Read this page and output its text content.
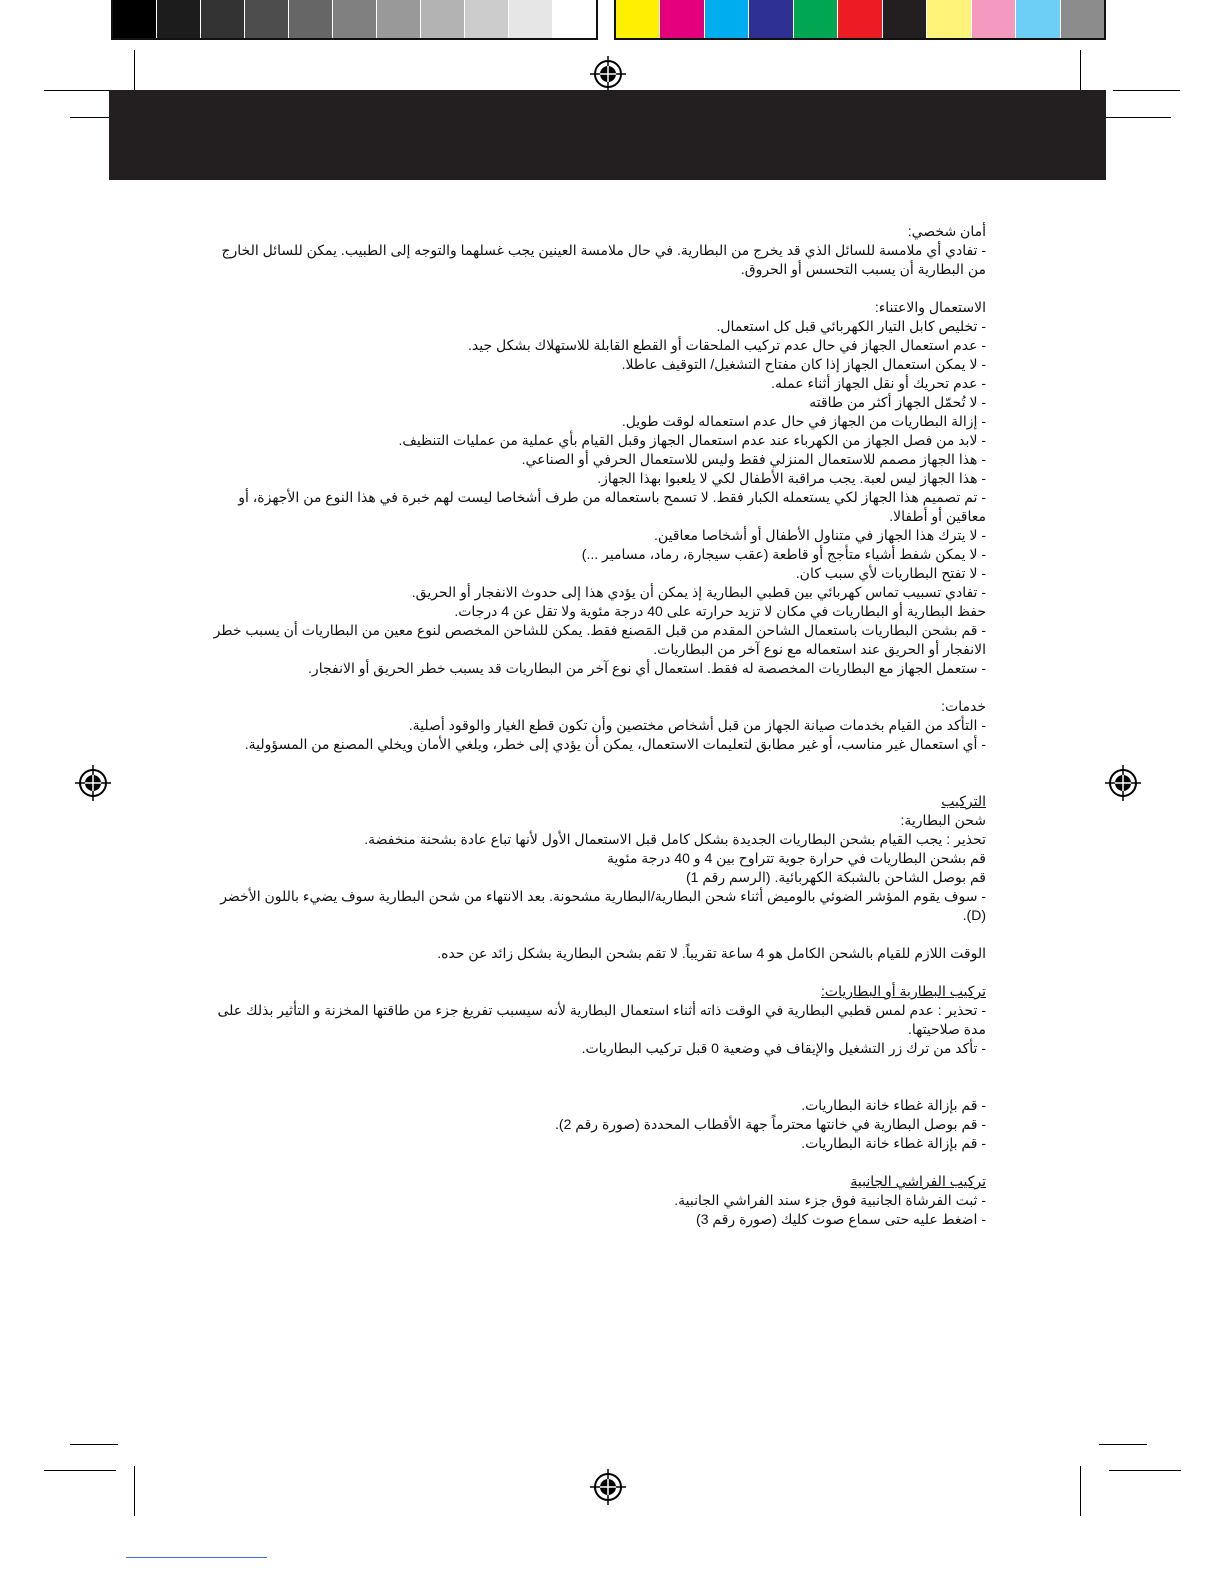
أمان شخصي:
- تفادي أي ملامسة للسائل الذي قد يخرج من البطارية. في حال ملامسة العينين يجب غسلهما والتوجه إلى الطبيب. يمكن للسائل الخارج من البطارية أن يسبب التحسس أو الحروق.
الاستعمال والاعتناء:
- تخليص كابل التيار الكهربائي قبل كل استعمال.
- عدم استعمال الجهاز في حال عدم تركيب الملحقات أو القطع القابلة للاستهلاك بشكل جيد.
- لا يمكن استعمال الجهاز إذا كان مفتاح التشغيل/ التوقيف عاطلا.
- عدم تحريك أو نقل الجهاز أثناء عمله.
- لا تُحمّل الجهاز أكثر من طاقته
- إزالة البطاريات من الجهاز في حال عدم استعماله لوقت طويل.
- لابد من فصل الجهاز من الكهرباء عند عدم استعمال الجهاز وقبل القيام بأي عملية من عمليات التنظيف.
- هذا الجهاز مصمم للاستعمال المنزلي فقط وليس للاستعمال الحرفي أو الصناعي.
- هذا الجهاز ليس لعبة. يجب مراقبة الأطفال لكي لا يلعبوا بهذا الجهاز.
- تم تصميم هذا الجهاز لكي يستعمله الكبار فقط. لا تسمح باستعماله من طرف أشخاصا ليست لهم خبرة في هذا النوع من الأجهزة، أو معاقين أو أطفالا.
- لا يترك هذا الجهاز في متناول الأطفال أو أشخاصا معاقين.
- لا يمكن شفط أشياء متأجج أو قاطعة (عقب سيجارة، رماد، مسامير ...)
- لا تفتح البطاريات لأي سبب كان.
- تفادي تسبيب تماس كهربائي بين قطبي البطارية إذ يمكن أن يؤدي هذا إلى حدوث الانفجار أو الحريق.
حفظ البطارية أو البطاريات في مكان لا تزيد حرارته على 40 درجة مئوية ولا تقل عن 4 درجات.
- قم بشحن البطاريات باستعمال الشاحن المقدم من قبل المَصنع فقط. يمكن للشاحن المخصص لنوع معين من البطاريات أن يسبب خطر الانفجار أو الحريق عند استعماله مع نوع آخر من البطاريات.
- ستعمل الجهاز مع البطاريات المخصصة له فقط. استعمال أي نوع آخر من البطاريات قد يسبب خطر الحريق أو الانفجار.
خدمات:
- التأكد من القيام بخدمات صيانة الجهاز من قبل أشخاص مختصين وأن تكون قطع الغيار والوقود أصلية.
- أي استعمال غير مناسب، أو غير مطابق لتعليمات الاستعمال، يمكن أن يؤدي إلى خطر، ويلغي الأمان ويخلي المصنع من المسؤولية.
التركيب
شحن البطارية:
تحذير : يجب القيام بشحن البطاريات الجديدة بشكل كامل قبل الاستعمال الأول لأنها تباع عادة بشحنة منخفضة.
قم بشحن البطاريات في حرارة جوية تتراوح بين 4 و 40 درجة مئوية
قم بوصل الشاحن بالشبكة الكهربائية. (الرسم رقم 1)
- سوف يقوم المؤشر الضوئي بالوميض أثناء شحن البطارية/البطارية مشحونة. بعد الانتهاء من شحن البطارية سوف يضيء باللون الأخضر (D).
الوقت اللازم للقيام بالشحن الكامل هو 4 ساعة تقريباً. لا تقم بشحن البطارية بشكل زائد عن حده.
تركيب البطارية أو البطاريات:
- تحذير : عدم لمس قطبي البطارية في الوقت ذاته أثناء استعمال البطارية لأنه سيسبب تفريغ جزء من طاقتها المخزنة و التأثير بذلك على مدة صلاحيتها.
- تأكد من ترك زر التشغيل والإيقاف في وضعية 0 قبل تركيب البطاريات.
- قم بإزالة غطاء خانة البطاريات.
- قم بوصل البطارية في خانتها محترماً جهة الأقطاب المحددة (صورة رقم 2).
- قم بإزالة غطاء خانة البطاريات.
تركيب الفراشي الجانبية
- ثبت الفرشاة الجانبية فوق جزء سند الفراشي الجانبية.
- اضغط عليه حتى سماع صوت كليك (صورة رقم 3)
